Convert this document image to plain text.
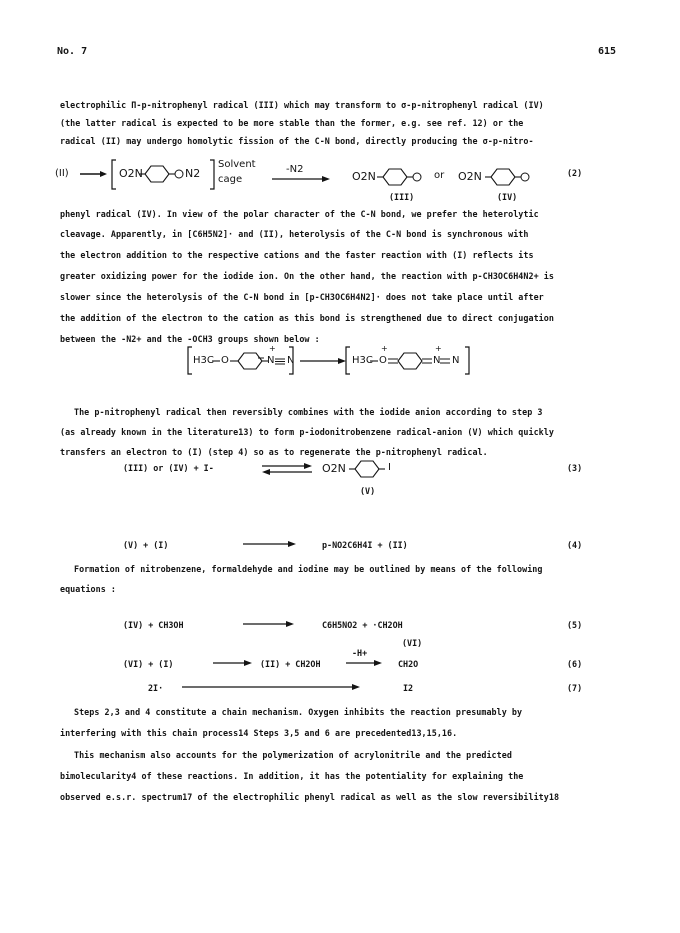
No. 7	615
electrophilic Π-p-nitrophenyl radical (III) which may transform to σ-p-nitrophenyl radical (IV)
(the latter radical is expected to be more stable than the former, e.g. see ref. 12) or the
radical (II) may undergo homolytic fission of the C-N bond, directly producing the σ-p-nitro-
(II)	O2N	N2
Solvent
cage
-N2
O2N	or O2N
(III)	(IV)
(2)
phenyl radical (IV). In view of the polar character of the C-N bond, we prefer the heterolytic
cleavage. Apparently, in [C6H5N2]· and (II), heterolysis of the C-N bond is synchronous with
the electron addition to the respective cations and the faster reaction with (I) reflects its
greater oxidizing power for the iodide ion. On the other hand, the reaction with p-CH3OC6H4N2+ is
slower since the heterolysis of the C-N bond in [p-CH3OC6H4N2]· does not take place until after
the addition of the electron to the cation as this bond is strengthened due to direct conjugation
between the -N2+ and the -OCH3 groups shown below :
H3C O	N N
+
H3C O
+
N N
+
The p-nitrophenyl radical then reversibly combines with the iodide anion according to step 3
(as already known in the literature13) to form p-iodonitrobenzene radical-anion (V) which quickly
transfers an electron to (I) (step 4) so as to regenerate the p-nitrophenyl radical.
(III) or (IV) + I-	O2N	I
(V)
(3)
(V) + (I)	p-NO2C6H4I + (II)	(4)
Formation of nitrobenzene, formaldehyde and iodine may be outlined by means of the following
equations :
(IV) + CH3OH	C6H5NO2 + ·CH2OH
(VI)
(5)
(VI) + (I)	(II) + CH2OH
-H+
CH2O	(6)
2I·	I2	(7)
Steps 2,3 and 4 constitute a chain mechanism. Oxygen inhibits the reaction presumably by
interfering with this chain process14 Steps 3,5 and 6 are precedented13,15,16.
This mechanism also accounts for the polymerization of acrylonitrile and the predicted
bimolecularity4 of these reactions. In addition, it has the potentiality for explaining the
observed e.s.r. spectrum17 of the electrophilic phenyl radical as well as the slow reversibility18
